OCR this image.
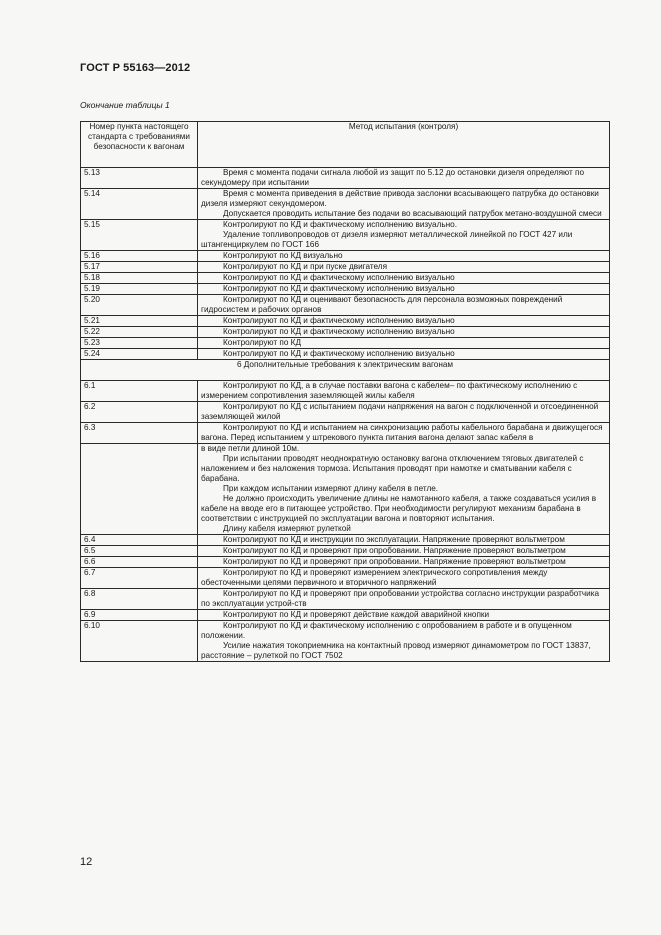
ГОСТ Р 55163—2012
Окончание таблицы 1
Номер пункта настоящего стандарта с требованиями безопасности к вагонам	Метод испытания (контроля)
5.13	Время с момента подачи сигнала любой из защит по 5.12 до остановки дизеля определяют по секундомеру при испытании

5.14	Время с момента приведения в действие привода заслонки всасывающего патрубка до остановки дизеля измеряют секундомером.
Допускается проводить испытание без подачи во всасывающий патрубок метано-воздушной смеси

5.15	Контролируют по КД и фактическому исполнению визуально.
Удаление топливопроводов от дизеля измеряют металлической линейкой по ГОСТ 427 или штангенциркулем по ГОСТ 166

5.16	Контролируют по КД визуально

5.17	Контролируют по КД и при пуске двигателя

5.18	Контролируют по КД и фактическому исполнению визуально

5.19	Контролируют по КД и фактическому исполнению визуально

5.20	Контролируют по КД и оценивают безопасность для персонала возможных повреждений гидросистем и рабочих органов

5.21	Контролируют по КД и фактическому исполнению визуально

5.22	Контролируют по КД и фактическому исполнению визуально

5.23	Контролируют по КД

5.24	Контролируют по КД и фактическому исполнению визуально

6 Дополнительные требования к электрическим вагонам	
6.1	Контролируют по КД, а в случае поставки вагона с кабелем– по фактическому исполнению с измерением сопротивления заземляющей жилы кабеля

6.2	Контролируют по КД с испытанием подачи напряжения на вагон с подключенной и отсоединенной заземляющей жилой

6.3	Контролируют по КД и испытанием на синхронизацию работы кабельного барабана и движущегося вагона. Перед испытанием у штрекового пункта питания вагона делают запас кабеля в

	в виде петли длиной 10м.
При испытании проводят неоднократную остановку вагона отключением тяговых двигателей с наложением и без наложения тормоза. Испытания проводят при намотке и сматывании кабеля с барабана.
При каждом испытании измеряют длину кабеля в петле.
Не должно происходить увеличение длины не намотанного кабеля, а также создаваться усилия в кабеле на вводе его в питающее устройство. При необходимости регулируют механизм барабана в соответствии с инструкцией по эксплуатации вагона и повторяют испытания.
Длину кабеля измеряют рулеткой

6.4	Контролируют по КД и инструкции по эксплуатации. Напряжение проверяют вольтметром

6.5	Контролируют по КД и проверяют при опробовании. Напряжение проверяют вольтметром

6.6	Контролируют по КД и проверяют при опробовании. Напряжение проверяют вольтметром

6.7	Контролируют по КД и проверяют измерением электрического сопротивления между обесточенными цепями первичного и вторичного напряжений

6.8	Контролируют по КД и проверяют при опробовании устройства согласно инструкции разработчика по эксплуатации устрой-ств

6.9	Контролируют по КД и проверяют действие каждой аварийной кнопки

6.10	Контролируют по КД и фактическому исполнению с опробованием в работе и в опущенном положении.
Усилие нажатия токоприемника на контактный провод измеряют динамометром по ГОСТ 13837, расстояние – рулеткой по ГОСТ 7502
12
